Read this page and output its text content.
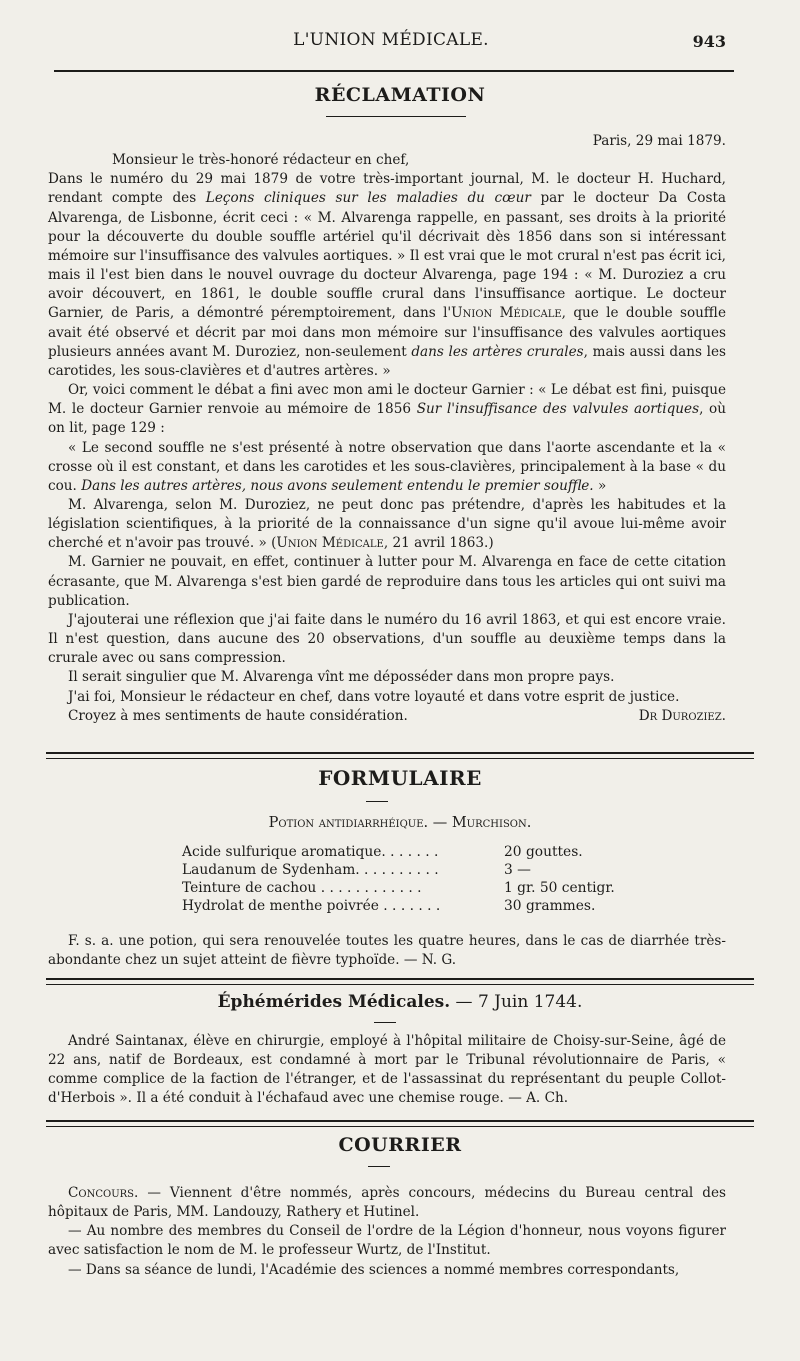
L'UNION MÉDICALE.	943
RÉCLAMATION

Paris, 29 mai 1879.

Monsieur le très-honoré rédacteur en chef,

Dans le numéro du 29 mai 1879 de votre très-important journal, M. le docteur H. Huchard, rendant compte des Leçons cliniques sur les maladies du cœur par le docteur Da Costa Alvarenga, de Lisbonne, écrit ceci : « M. Alvarenga rappelle, en passant, ses droits à la priorité pour la découverte du double souffle artériel qu'il décrivait dès 1856 dans son si intéressant mémoire sur l'insuffisance des valvules aortiques. » Il est vrai que le mot crural n'est pas écrit ici, mais il l'est bien dans le nouvel ouvrage du docteur Alvarenga, page 194 : « M. Duroziez a cru avoir découvert, en 1861, le double souffle crural dans l'insuffisance aortique. Le docteur Garnier, de Paris, a démontré péremptoirement, dans l'Union Médicale, que le double souffle avait été observé et décrit par moi dans mon mémoire sur l'insuffisance des valvules aortiques plusieurs années avant M. Duroziez, non-seulement dans les artères crurales, mais aussi dans les carotides, les sous-clavières et d'autres artères. »

Or, voici comment le débat a fini avec mon ami le docteur Garnier : « Le débat est fini, puisque M. le docteur Garnier renvoie au mémoire de 1856 Sur l'insuffisance des valvules aortiques, où on lit, page 129 :

« Le second souffle ne s'est présenté à notre observation que dans l'aorte ascendante et la « crosse où il est constant, et dans les carotides et les sous-clavières, principalement à la base « du cou. Dans les autres artères, nous avons seulement entendu le premier souffle. »

M. Alvarenga, selon M. Duroziez, ne peut donc pas prétendre, d'après les habitudes et la législation scientifiques, à la priorité de la connaissance d'un signe qu'il avoue lui-même avoir cherché et n'avoir pas trouvé. » (Union Médicale, 21 avril 1863.)

M. Garnier ne pouvait, en effet, continuer à lutter pour M. Alvarenga en face de cette citation écrasante, que M. Alvarenga s'est bien gardé de reproduire dans tous les articles qui ont suivi ma publication.

J'ajouterai une réflexion que j'ai faite dans le numéro du 16 avril 1863, et qui est encore vraie. Il n'est question, dans aucune des 20 observations, d'un souffle au deuxième temps dans la crurale avec ou sans compression.

Il serait singulier que M. Alvarenga vînt me déposséder dans mon propre pays.

J'ai foi, Monsieur le rédacteur en chef, dans votre loyauté et dans votre esprit de justice.

Croyez à mes sentiments de haute considération.	Dr Duroziez.

FORMULAIRE
Potion antidiarrhéique. — Murchison.
Acide sulfurique aromatique. . . . . . .	20 gouttes.
Laudanum de Sydenham. . . . . . . . . .	3 —
Teinture de cachou . . . . . . . . . . . .	1 gr. 50 centigr.
Hydrolat de menthe poivrée . . . . . . .	30 grammes.

F. s. a. une potion, qui sera renouvelée toutes les quatre heures, dans le cas de diarrhée très-abondante chez un sujet atteint de fièvre typhoïde. — N. G.

Éphémérides Médicales. — 7 Juin 1744.

André Saintanax, élève en chirurgie, employé à l'hôpital militaire de Choisy-sur-Seine, âgé de 22 ans, natif de Bordeaux, est condamné à mort par le Tribunal révolutionnaire de Paris, « comme complice de la faction de l'étranger, et de l'assassinat du représentant du peuple Collot-d'Herbois ». Il a été conduit à l'échafaud avec une chemise rouge. — A. Ch.

COURRIER

Concours. — Viennent d'être nommés, après concours, médecins du Bureau central des hôpitaux de Paris, MM. Landouzy, Rathery et Hutinel.

— Au nombre des membres du Conseil de l'ordre de la Légion d'honneur, nous voyons figurer avec satisfaction le nom de M. le professeur Wurtz, de l'Institut.

— Dans sa séance de lundi, l'Académie des sciences a nommé membres correspondants,
